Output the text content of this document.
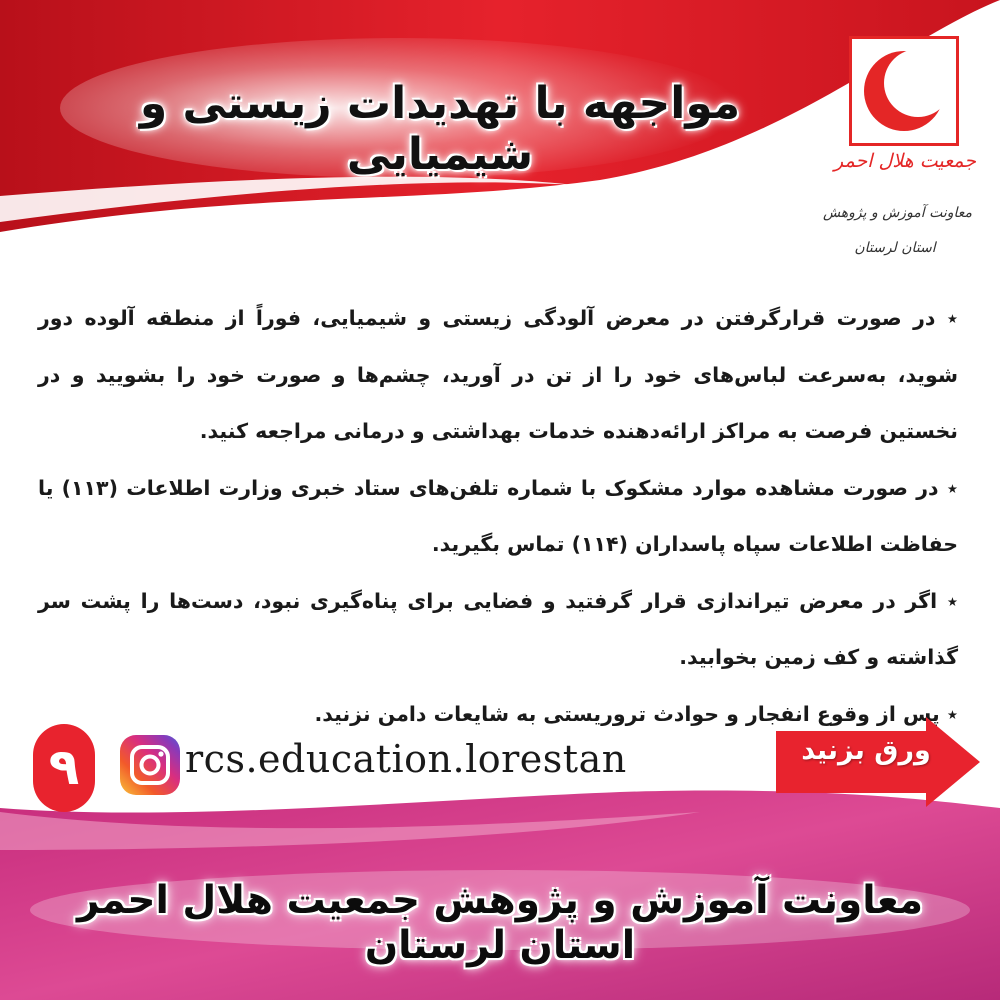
مواجهه با تهدیدات زیستی و شیمیایی	جمعیت هلال احمر
معاونت آموزش و پژوهش
استان لرستان

٭ در صورت قرارگرفتن در معرض آلودگی زیستی و شیمیایی، فوراً از منطقه آلوده دور شوید، به‌سرعت لباس‌های خود را از تن در آورید، چشم‌ها و صورت خود را بشویید و در نخستین فرصت به مراکز ارائه‌دهنده خدمات بهداشتی و درمانی مراجعه کنید.

٭ در صورت مشاهده موارد مشکوک با شماره تلفن‌های ستاد خبری وزارت اطلاعات (۱۱۳) یا حفاظت اطلاعات سپاه پاسداران (۱۱۴) تماس بگیرید.

٭ اگر در معرض تیراندازی قرار گرفتید و فضایی برای پناه‌گیری نبود، دست‌ها را پشت سر گذاشته و کف زمین بخوابید.

٭ پس از وقوع انفجار و حوادث تروریستی به شایعات دامن نزنید.

۹	rcs.education.lorestan	ورق بزنید
معاونت آموزش و پژوهش جمعیت هلال احمر استان لرستان
